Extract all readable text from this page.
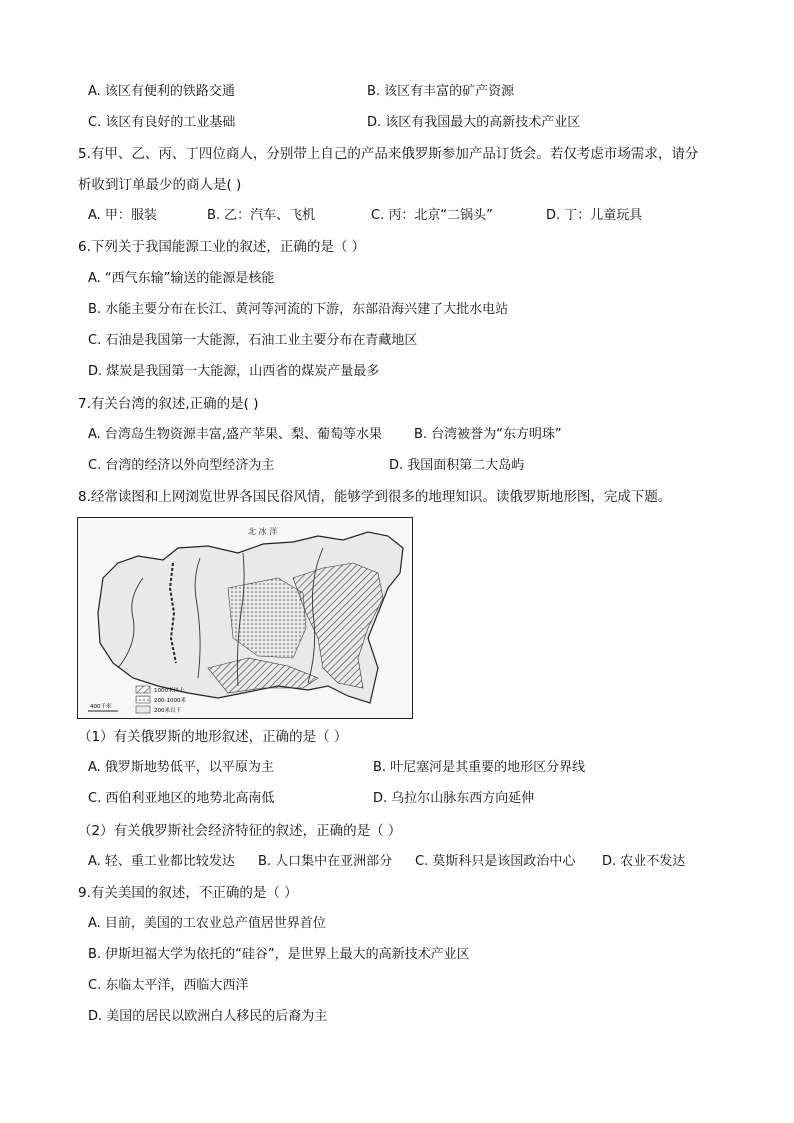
A. 该区有便利的铁路交通	B. 该区有丰富的矿产资源
C. 该区有良好的工业基础	D. 该区有我国最大的高新技术产业区
5.有甲、乙、丙、丁四位商人，分别带上自己的产品来俄罗斯参加产品订货会。若仅考虑市场需求，请分
析收到订单最少的商人是( )
A. 甲：服装	B. 乙：汽车、飞机	C. 丙：北京“二锅头”	D. 丁：儿童玩具
6.下列关于我国能源工业的叙述，正确的是（ ）
A. “西气东输”输送的能源是核能
B. 水能主要分布在长江、黄河等河流的下游，东部沿海兴建了大批水电站
C. 石油是我国第一大能源，石油工业主要分布在青藏地区
D. 煤炭是我国第一大能源，山西省的煤炭产量最多
7.有关台湾的叙述,正确的是( )
A. 台湾岛生物资源丰富,盛产苹果、梨、葡萄等水果 B. 台湾被誉为“东方明珠”
C. 台湾的经济以外向型经济为主	D. 我国面积第二大岛屿
8.经常读图和上网浏览世界各国民俗风情，能够学到很多的地理知识。读俄罗斯地形图，完成下题。
北 冰 洋
1000米以上
200-1000米
200米以下
400千米
（1）有关俄罗斯的地形叙述，正确的是（ ）
A. 俄罗斯地势低平，以平原为主	B. 叶尼塞河是其重要的地形区分界线
C. 西伯利亚地区的地势北高南低	D. 乌拉尔山脉东西方向延伸
（2）有关俄罗斯社会经济特征的叙述，正确的是（ ）
A. 轻、重工业都比较发达 B. 人口集中在亚洲部分 C. 莫斯科只是该国政治中心 D. 农业不发达
9.有关美国的叙述，不正确的是（ ）
A. 目前，美国的工农业总产值居世界首位
B. 伊斯坦福大学为依托的“硅谷”，是世界上最大的高新技术产业区
C. 东临太平洋，西临大西洋
D. 美国的居民以欧洲白人移民的后裔为主
